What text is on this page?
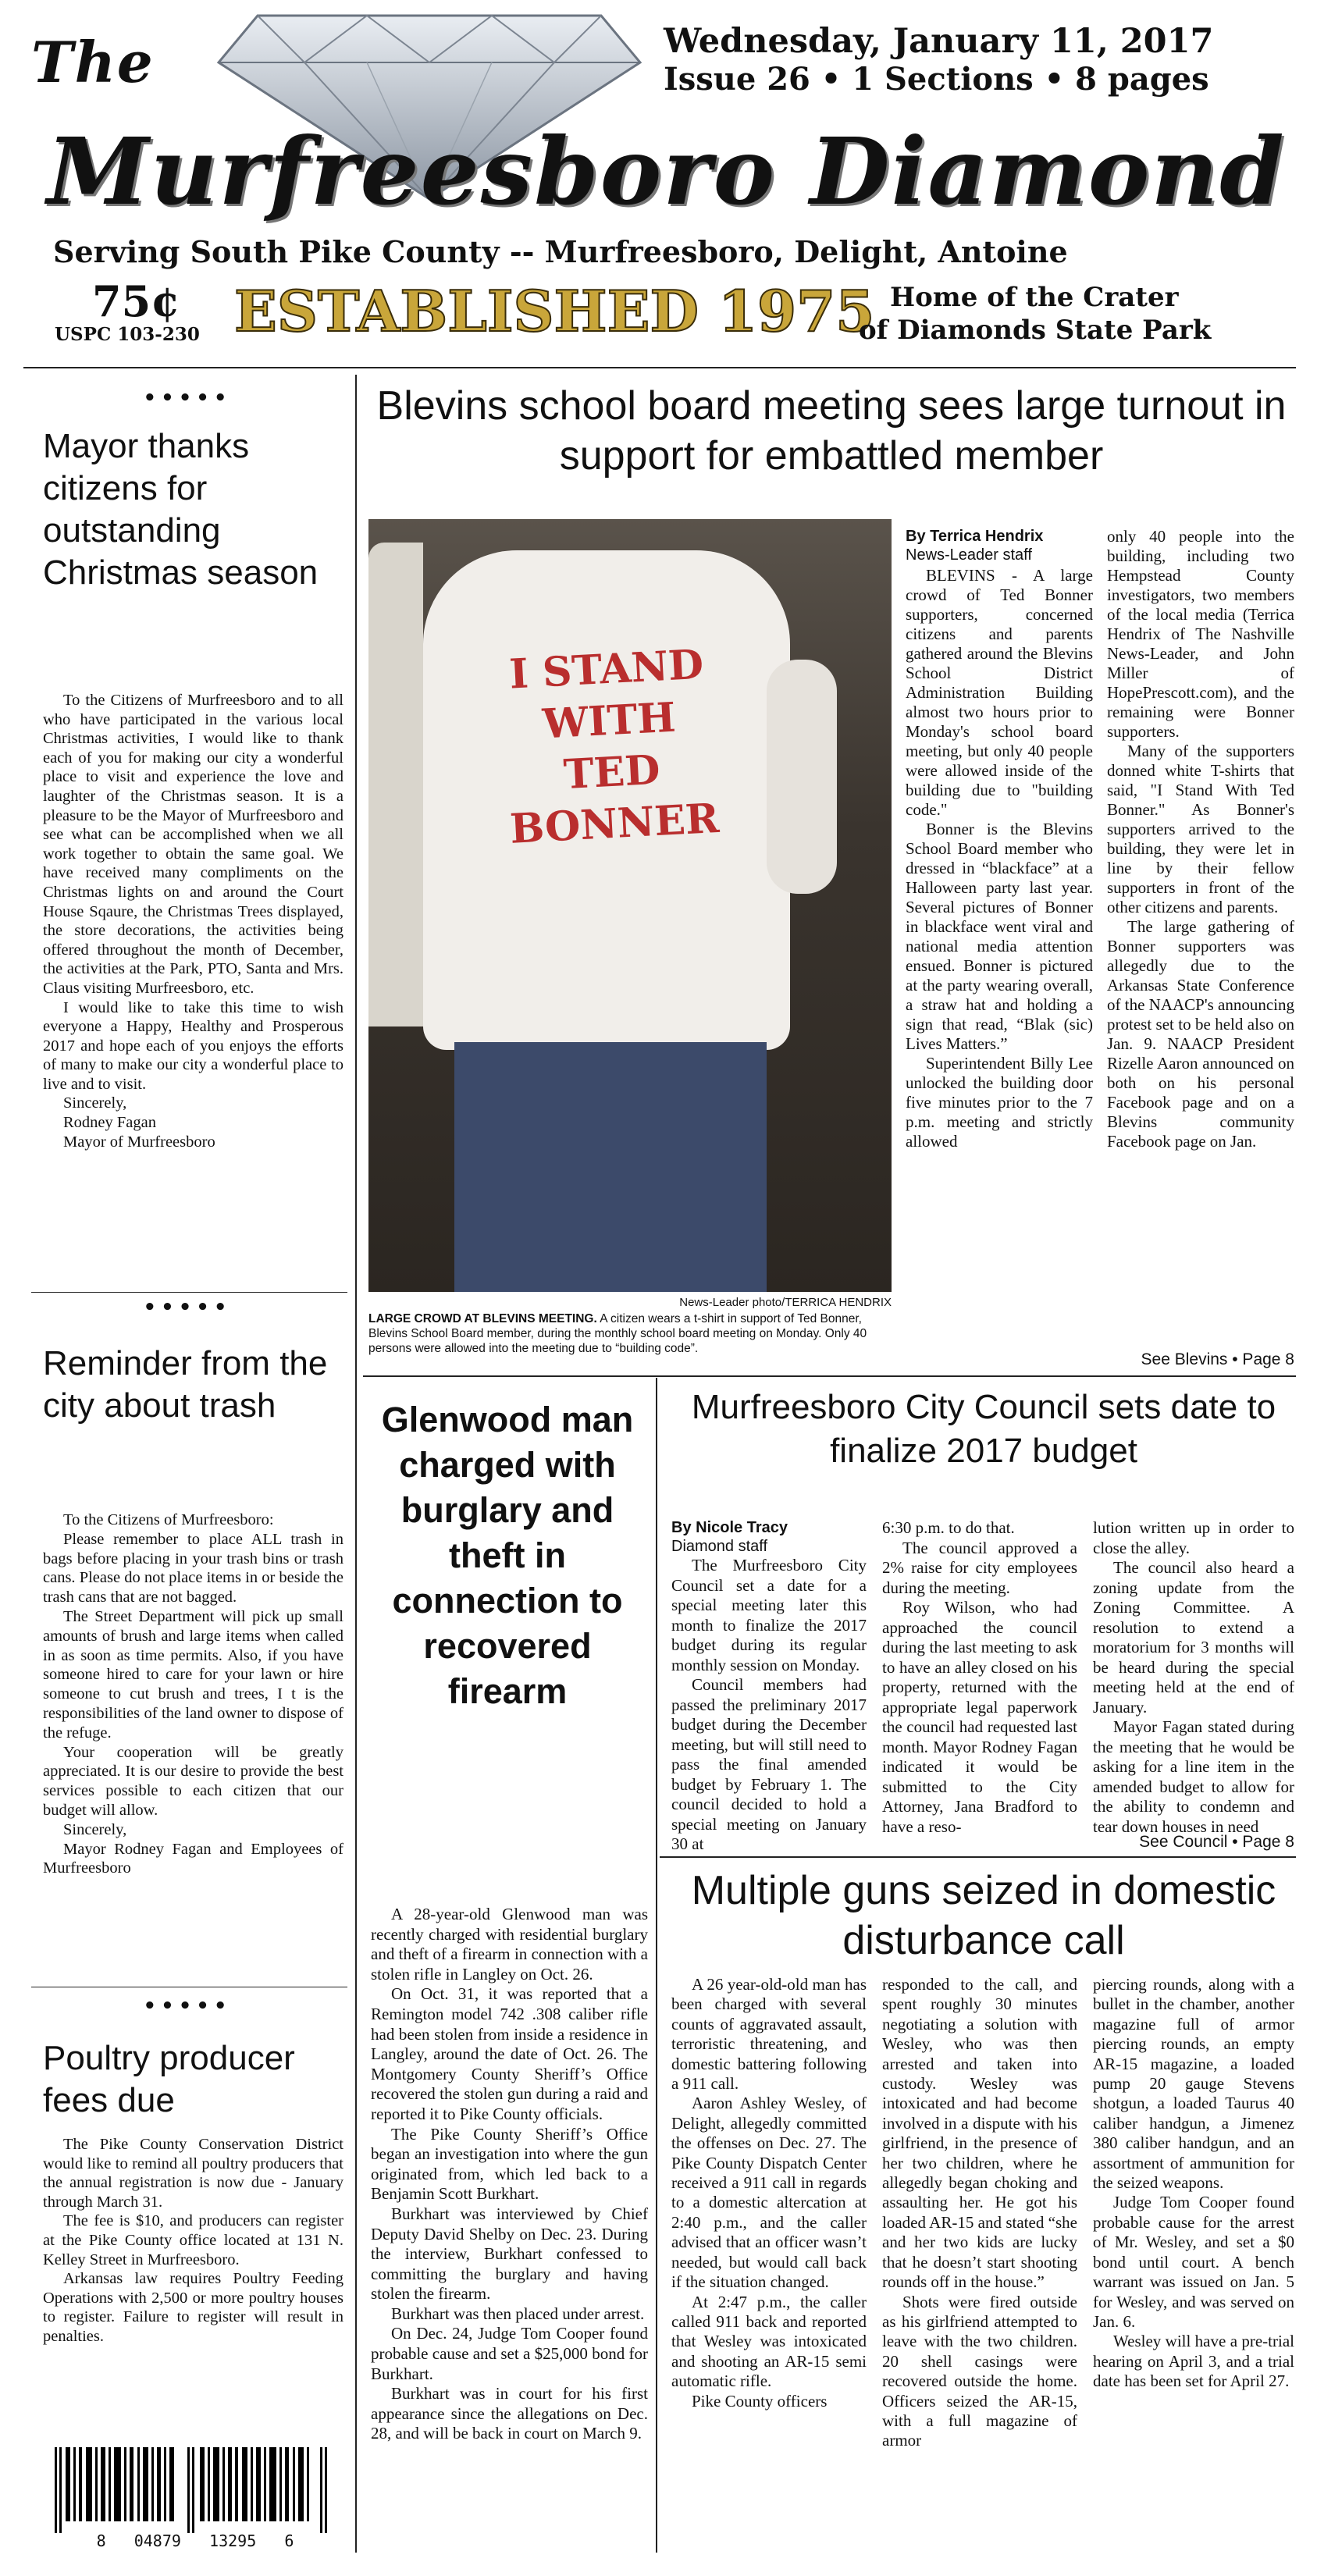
The
Murfreesboro Diamond
Wednesday, January 11, 2017
Issue 26 • 1 Sections • 8 pages
Serving South Pike County -- Murfreesboro, Delight, Antoine
75¢
USPC 103-230 ESTABLISHED 1975 Home of the Crater
of Diamonds State Park
•••••
Mayor thanks citizens for outstanding Christmas season

To the Citizens of Murfreesboro and to all who have participated in the various local Christmas activities, I would like to thank each of you for making our city a wonderful place to visit and experience the love and laughter of the Christmas season. It is a pleasure to be the Mayor of Murfreesboro and see what can be accomplished when we all work together to obtain the same goal. We have received many compliments on the Christmas lights on and around the Court House Sqaure, the Christmas Trees displayed, the store decorations, the activities being offered throughout the month of December, the activities at the Park, PTO, Santa and Mrs. Claus visiting Murfreesboro, etc.

I would like to take this time to wish everyone a Happy, Healthy and Prosperous 2017 and hope each of you enjoys the efforts of many to make our city a wonderful place to live and to visit.

Sincerely,

Rodney Fagan

Mayor of Murfreesboro

•••••
Reminder from the city about trash

To the Citizens of Murfreesboro:

Please remember to place ALL trash in bags before placing in your trash bins or trash cans. Please do not place items in or beside the trash cans that are not bagged.

The Street Department will pick up small amounts of brush and large items when called in as soon as time permits. Also, if you have someone hired to care for your lawn or hire someone to cut brush and trees, I t is the responsibilities of the land owner to dispose of the refuge.

Your cooperation will be greatly appreciated. It is our desire to provide the best services possible to each citizen that our budget will allow.

Sincerely,

Mayor Rodney Fagan and Employees of Murfreesboro

•••••
Poultry producer fees due

The Pike County Conservation District would like to remind all poultry producers that the annual registration is now due - January through March 31.

The fee is $10, and producers can register at the Pike County office located at 131 N. Kelley Street in Murfreesboro.

Arkansas law requires Poultry Feeding Operations with 2,500 or more poultry houses to register. Failure to register will result in penalties.

8   04879   13295   6
Blevins school board meeting sees large turnout in support for embattled member
I STAND
WITH
TED
BONNER
News-Leader photo/TERRICA HENDRIX
LARGE CROWD AT BLEVINS MEETING. A citizen wears a t-shirt in support of Ted Bonner, Blevins School Board member, during the monthly school board meeting on Monday. Only 40 persons were allowed into the meeting due to “building code”.
By Terrica Hendrix
News-Leader staff

BLEVINS - A large crowd of Ted Bonner supporters, concerned citizens and parents gathered around the Blevins School District Administration Building almost two hours prior to Monday's school board meeting, but only 40 people were allowed inside of the building due to "building code."

Bonner is the Blevins School Board member who dressed in “blackface” at a Halloween party last year. Several pictures of Bonner in blackface went viral and national media attention ensued. Bonner is pictured at the party wearing overall, a straw hat and holding a sign that read, “Blak (sic) Lives Matters.”

Superintendent Billy Lee unlocked the building door five minutes prior to the 7 p.m. meeting and strictly allowed

only 40 people into the building, including two Hempstead County investigators, two members of the local media (Terrica Hendrix of The Nashville News-Leader, and John Miller of HopePrescott.com), and the remaining were Bonner supporters.

Many of the supporters donned white T-shirts that said, "I Stand With Ted Bonner." As Bonner's supporters arrived to the building, they were let in line by their fellow supporters in front of the other citizens and parents.

The large gathering of Bonner supporters was allegedly due to the Arkansas State Conference of the NAACP's announcing protest set to be held also on Jan. 9. NAACP President Rizelle Aaron announced on both on his personal Facebook page and on a Blevins community Facebook page on Jan.

See Blevins • Page 8
Glenwood man charged with burglary and theft in connection to recovered firearm

A 28-year-old Glenwood man was recently charged with residential burglary and theft of a firearm in connection with a stolen rifle in Langley on Oct. 26.

On Oct. 31, it was reported that a Remington model 742 .308 caliber rifle had been stolen from inside a residence in Langley, around the date of Oct. 26. The Montgomery County Sheriff’s Office recovered the stolen gun during a raid and reported it to Pike County officials.

The Pike County Sheriff’s Office began an investigation into where the gun originated from, which led back to a Benjamin Scott Burkhart.

Burkhart was interviewed by Chief Deputy David Shelby on Dec. 23. During the interview, Burkhart confessed to committing the burglary and having stolen the firearm.

Burkhart was then placed under arrest.

On Dec. 24, Judge Tom Cooper found probable cause and set a $25,000 bond for Burkhart.

Burkhart was in court for his first appearance since the allegations on Dec. 28, and will be back in court on March 9.

Murfreesboro City Council sets date to finalize 2017 budget
By Nicole Tracy
Diamond staff

The Murfreesboro City Council set a date for a special meeting later this month to finalize the 2017 budget during its regular monthly session on Monday.

Council members had passed the preliminary 2017 budget during the December meeting, but will still need to pass the final amended budget by February 1. The council decided to hold a special meeting on January 30 at

6:30 p.m. to do that.

The council approved a 2% raise for city employees during the meeting.

Roy Wilson, who had approached the council during the last meeting to ask to have an alley closed on his property, returned with the appropriate legal paperwork the council had requested last month. Mayor Rodney Fagan indicated it would be submitted to the City Attorney, Jana Bradford to have a reso-

lution written up in order to close the alley.

The council also heard a zoning update from the Zoning Committee. A resolution to extend a moratorium for 3 months will be heard during the special meeting held at the end of January.

Mayor Fagan stated during the meeting that he would be asking for a line item in the amended budget to allow for the ability to condemn and tear down houses in need

See Council • Page 8
Multiple guns seized in domestic disturbance call

A 26 year-old-old man has been charged with several counts of aggravated assault, terroristic threatening, and domestic battering following a 911 call.

Aaron Ashley Wesley, of Delight, allegedly committed the offenses on Dec. 27. The Pike County Dispatch Center received a 911 call in regards to a domestic altercation at 2:40 p.m., and the caller advised that an officer wasn’t needed, but would call back if the situation changed.

At 2:47 p.m., the caller called 911 back and reported that Wesley was intoxicated and shooting an AR-15 semi automatic rifle.

Pike County officers

responded to the call, and spent roughly 30 minutes negotiating a solution with Wesley, who was then arrested and taken into custody. Wesley was intoxicated and had become involved in a dispute with his girlfriend, in the presence of her two children, where he allegedly began choking and assaulting her. He got his loaded AR-15 and stated “she and her two kids are lucky that he doesn’t start shooting rounds off in the house.”

Shots were fired outside as his girlfriend attempted to leave with the two children. 20 shell casings were recovered outside the home. Officers seized the AR-15, with a full magazine of armor

piercing rounds, along with a bullet in the chamber, another magazine full of armor piercing rounds, an empty AR-15 magazine, a loaded pump 20 gauge Stevens shotgun, a loaded Taurus 40 caliber handgun, a Jimenez 380 caliber handgun, and an assortment of ammunition for the seized weapons.

Judge Tom Cooper found probable cause for the arrest of Mr. Wesley, and set a $0 bond until court. A bench warrant was issued on Jan. 5 for Wesley, and was served on Jan. 6.

Wesley will have a pre-trial hearing on April 3, and a trial date has been set for April 27.
